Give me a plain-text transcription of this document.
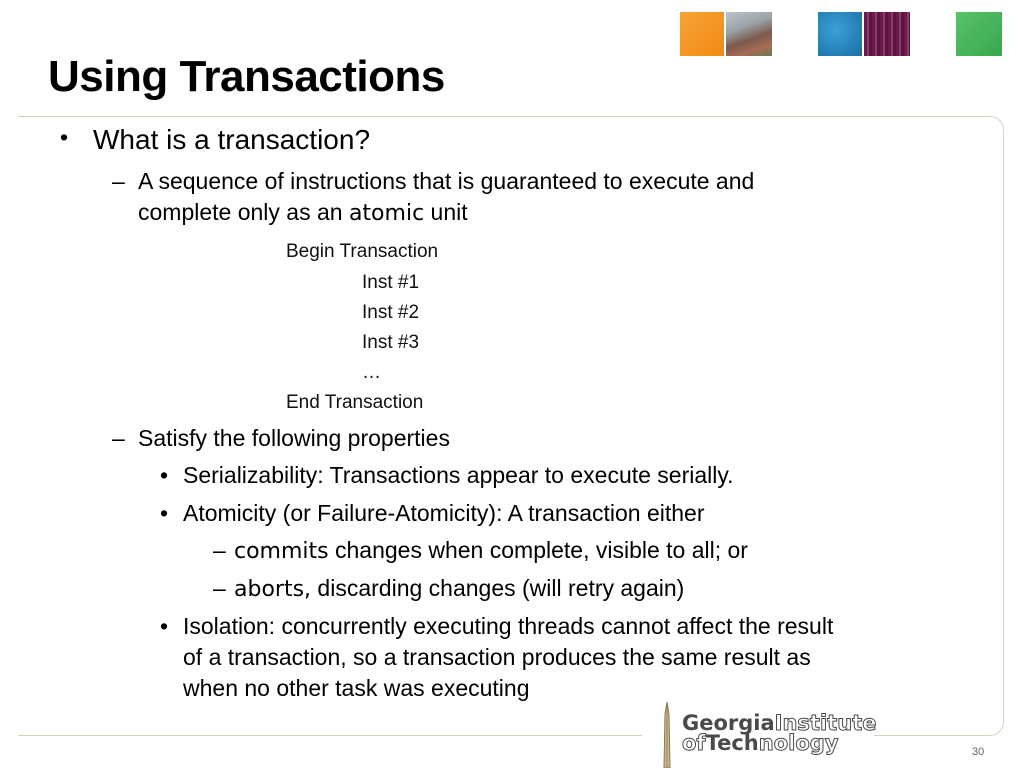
Using Transactions
• What is a transaction?
– A sequence of instructions that is guaranteed to execute and
complete only as an atomic unit
Begin Transaction
Inst #1
Inst #2
Inst #3
…
End Transaction
– Satisfy the following properties
• Serializability: Transactions appear to execute serially.
• Atomicity (or Failure-Atomicity): A transaction either
– commits changes when complete, visible to all; or
– aborts, discarding changes (will retry again)
• Isolation: concurrently executing threads cannot affect the result
of a transaction, so a transaction produces the same result as
when no other task was executing
GeorgiaInstitute
ofTechnology	30
